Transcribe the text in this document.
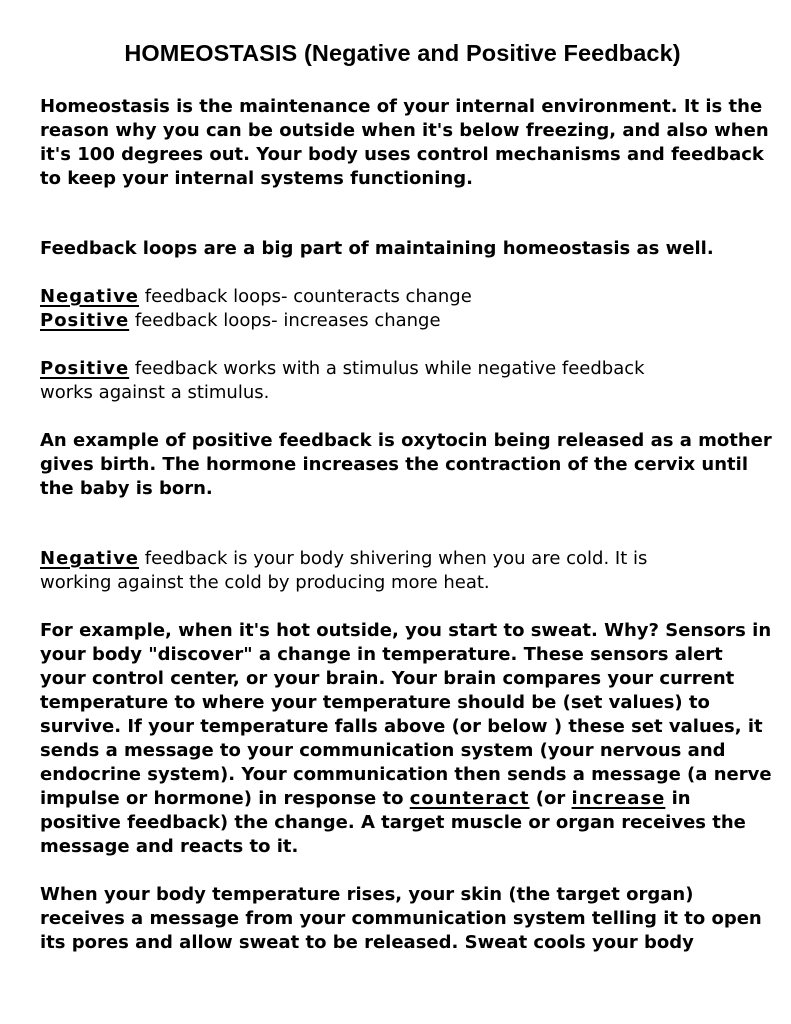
HOMEOSTASIS (Negative and Positive Feedback)

Homeostasis is the maintenance of your internal environment. It is the
reason why you can be outside when it's below freezing, and also when
it's 100 degrees out. Your body uses control mechanisms and feedback
to keep your internal systems functioning.

Feedback loops are a big part of maintaining homeostasis as well.

Negative feedback loops- counteracts change
Positive feedback loops- increases change

Positive feedback works with a stimulus while negative feedback
works against a stimulus.

An example of positive feedback is oxytocin being released as a mother
gives birth. The hormone increases the contraction of the cervix until
the baby is born.

Negative feedback is your body shivering when you are cold. It is
working against the cold by producing more heat.

For example, when it's hot outside, you start to sweat. Why? Sensors in
your body "discover" a change in temperature. These sensors alert
your control center, or your brain. Your brain compares your current
temperature to where your temperature should be (set values) to
survive. If your temperature falls above (or below ) these set values, it
sends a message to your communication system (your nervous and
endocrine system). Your communication then sends a message (a nerve
impulse or hormone) in response to counteract (or increase in
positive feedback) the change. A target muscle or organ receives the
message and reacts to it.

When your body temperature rises, your skin (the target organ)
receives a message from your communication system telling it to open
its pores and allow sweat to be released. Sweat cools your body
